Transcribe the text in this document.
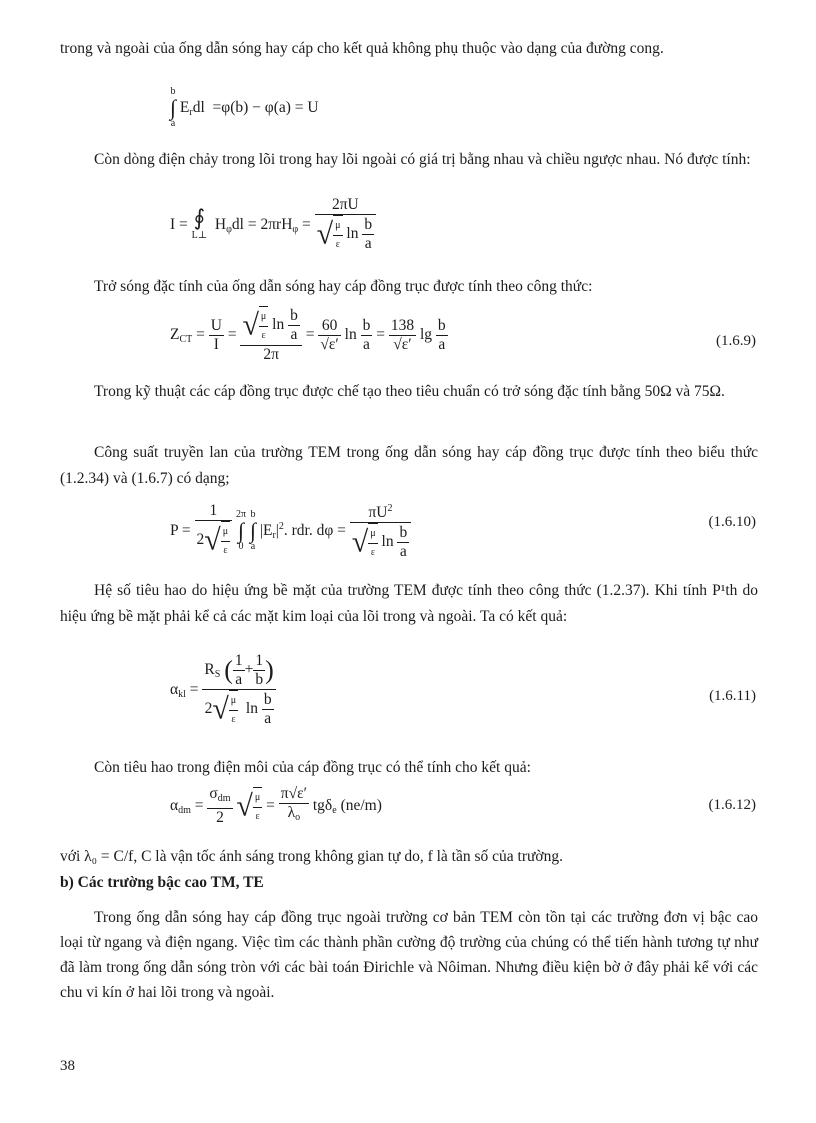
trong và ngoài của ống dẫn sóng hay cáp cho kết quả không phụ thuộc vào dạng của đường cong.

b
∫
a
$E_rdl =\varphi(b) - \varphi(a) = U$

Còn dòng điện chảy trong lõi trong hay lõi ngoài có giá trị bằng nhau và chiều ngược nhau. Nó được tính:

I = ∮
L⊥
$H_\varphi dl = 2\pi rH_\varphi = \frac{2\pi U}{√ \frac{\mu}{\varepsilon} \ln \frac{b}{a}}$

Trở sóng đặc tính của ống dẫn sóng hay cáp đồng trục được tính theo công thức:

$Z_{CT} = \frac{U}{I} = \frac{√ \frac{\mu}{\varepsilon} \ln \frac{b}{a}}{2\pi} = \frac{60}{√\varepsilon'}$ $\ln \frac{b}{a} = \frac{138}{√\varepsilon'}$ $\lg \frac{b}{a}$	(1.6.9)

Trong kỹ thuật các cáp đồng trục được chế tạo theo tiêu chuẩn có trở sóng đặc tính bằng 50Ω và 75Ω.

Công suất truyền lan của trường TEM trong ống dẫn sóng hay cáp đồng trục được tính theo biểu thức (1.2.34) và (1.6.7) có dạng;

$P = \frac{1}{2√ \frac{\mu}{\varepsilon}}$
2π
∫
0

b
∫
a
$|E_r|^2$. rdr. $d\varphi = \frac{\pi U^2}{√ \frac{\mu}{\varepsilon} \ln \frac{b}{a}}$	(1.6.10)

Hệ số tiêu hao do hiệu ứng bề mặt của trường TEM được tính theo công thức (1.2.37). Khi tính P¹th do hiệu ứng bề mặt phải kể cả các mặt kim loại của lõi trong và ngoài. Ta có kết quả:

$\alpha_{kl} = \frac{R_S ( \frac{1}{a} + \frac{1}{b} )}{2√ \frac{\mu}{\varepsilon} \ln \frac{b}{a}}$	(1.6.11)

Còn tiêu hao trong điện môi của cáp đồng trục có thể tính cho kết quả:

$\alpha_{dm} = \frac{\sigma_{dm}}{2}$ √ $\frac{\mu}{\varepsilon} = \frac{\pi√\varepsilon'}{\lambda_o} tg\delta_e$ (ne/m)	(1.6.12)

với λ₀ = C/f, C là vận tốc ánh sáng trong không gian tự do, f là tần số của trường.

b) Các trường bậc cao TM, TE

Trong ống dẫn sóng hay cáp đồng trục ngoài trường cơ bản TEM còn tồn tại các trường đơn vị bậc cao loại từ ngang và điện ngang. Việc tìm các thành phần cường độ trường của chúng có thể tiến hành tương tự như đã làm trong ống dẫn sóng tròn với các bài toán Đirichle và Nôiman. Nhưng điều kiện bờ ở đây phải kể với các chu vi kín ở hai lõi trong và ngoài.

38
